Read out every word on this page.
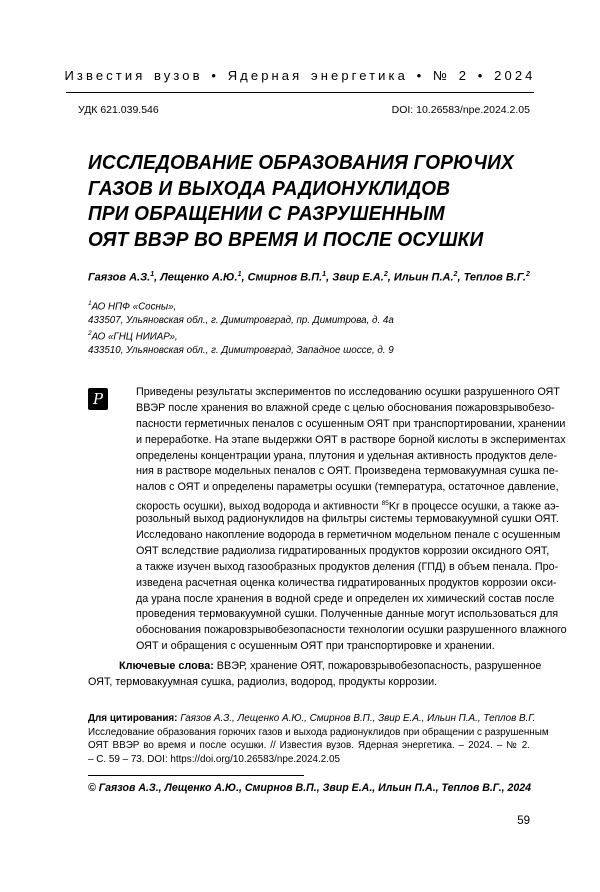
Известия вузов • Ядерная энергетика • № 2 • 2024
УДК 621.039.546	DOI: 10.26583/npe.2024.2.05
ИССЛЕДОВАНИЕ ОБРАЗОВАНИЯ ГОРЮЧИХ
ГАЗОВ И ВЫХОДА РАДИОНУКЛИДОВ
ПРИ ОБРАЩЕНИИ С РАЗРУШЕННЫМ
ОЯТ ВВЭР ВО ВРЕМЯ И ПОСЛЕ ОСУШКИ
Гаязов А.З.$^1$, Лещенко А.Ю.$^1$, Смирнов В.П.$^1$, Звир Е.А.$^2$, Ильин П.А.$^2$, Теплов В.Г.$^2$
$^1$АО НПФ «Сосны»,
433507, Ульяновская обл., г. Димитровград, пр. Димитрова, д. 4а
$^2$АО «ГНЦ НИИАР»,
433510, Ульяновская обл., г. Димитровград, Западное шоссе, д. 9
P	Приведены результаты экспериментов по исследованию осушки разрушенного ОЯТ
ВВЭР после хранения во влажной среде с целью обоснования пожаровзрывобезо-
пасности герметичных пеналов с осушенным ОЯТ при транспортировании, хранении
и переработке. На этапе выдержки ОЯТ в растворе борной кислоты в экспериментах
определены концентрации урана, плутония и удельная активность продуктов деле-
ния в растворе модельных пеналов с ОЯТ. Произведена термовакуумная сушка пе-
налов с ОЯТ и определены параметры осушки (температура, остаточное давление,
скорость осушки), выход водорода и активности $^{85}$Kr в процессе осушки, а также аэ-
розольный выход радионуклидов на фильтры системы термовакуумной сушки ОЯТ.
Исследовано накопление водорода в герметичном модельном пенале с осушенным
ОЯТ вследствие радиолиза гидратированных продуктов коррозии оксидного ОЯТ,
а также изучен выход газообразных продуктов деления (ГПД) в объем пенала. Про-
изведена расчетная оценка количества гидратированных продуктов коррозии окси-
да урана после хранения в водной среде и определен их химический состав после
проведения термовакуумной сушки. Полученные данные могут использоваться для
обоснования пожаровзрывобезопасности технологии осушки разрушенного влажного
ОЯТ и обращения с осушенным ОЯТ при транспортировке и хранении.
Ключевые слова: ВВЭР, хранение ОЯТ, пожаровзрывобезопасность, разрушенное
ОЯТ, термовакуумная сушка, радиолиз, водород, продукты коррозии.
Для цитирования: Гаязов А.З., Лещенко А.Ю., Смирнов В.П., Звир Е.А., Ильин П.А., Теплов В.Г.
Исследование образования горючих газов и выхода радионуклидов при обращении с разрушенным
ОЯТ ВВЭР во время и после осушки. // Известия вузов. Ядерная энергетика. – 2024. – № 2.
– С. 59 – 73. DOI: https://doi.org/10.26583/npe.2024.2.05
© Гаязов А.З., Лещенко А.Ю., Смирнов В.П., Звир Е.А., Ильин П.А., Теплов В.Г., 2024
59
